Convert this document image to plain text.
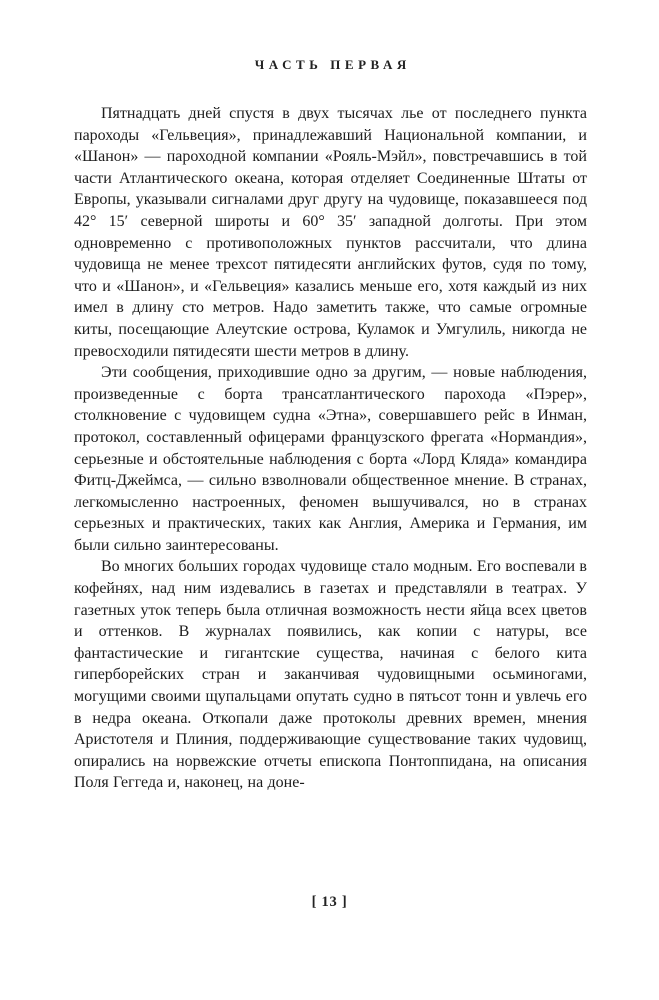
ЧАСТЬ ПЕРВАЯ

Пятнадцать дней спустя в двух тысячах лье от последнего пункта пароходы «Гельвеция», принадлежавший Национальной компании, и «Шанон» — пароходной компании «Рояль-Мэйл», повстречавшись в той части Атлантического океана, которая отделяет Соединенные Штаты от Европы, указывали сигналами друг другу на чудовище, показавшееся под 42° 15′ северной широты и 60° 35′ западной долготы. При этом одновременно с противоположных пунктов рассчитали, что длина чудовища не менее трехсот пятидесяти английских футов, судя по тому, что и «Шанон», и «Гельвеция» казались меньше его, хотя каждый из них имел в длину сто метров. Надо заметить также, что самые огромные киты, посещающие Алеутские острова, Куламок и Умгулиль, никогда не превосходили пятидесяти шести метров в длину.

Эти сообщения, приходившие одно за другим, — новые наблюдения, произведенные с борта трансатлантического парохода «Пэрер», столкновение с чудовищем судна «Этна», совершавшего рейс в Инман, протокол, составленный офицерами французского фрегата «Нормандия», серьезные и обстоятельные наблюдения с борта «Лорд Кляда» командира Фитц-Джеймса, — сильно взволновали общественное мнение. В странах, легкомысленно настроенных, феномен вышучивался, но в странах серьезных и практических, таких как Англия, Америка и Германия, им были сильно заинтересованы.

Во многих больших городах чудовище стало модным. Его воспевали в кофейнях, над ним издевались в газетах и представляли в театрах. У газетных уток теперь была отличная возможность нести яйца всех цветов и оттенков. В журналах появились, как копии с натуры, все фантастические и гигантские существа, начиная с белого кита гиперборейских стран и заканчивая чудовищными осьминогами, могущими своими щупальцами опутать судно в пятьсот тонн и увлечь его в недра океана. Откопали даже протоколы древних времен, мнения Аристотеля и Плиния, поддерживающие существование таких чудовищ, опирались на норвежские отчеты епископа Понтоппидана, на описания Поля Геггеда и, наконец, на доне-

[ 13 ]
